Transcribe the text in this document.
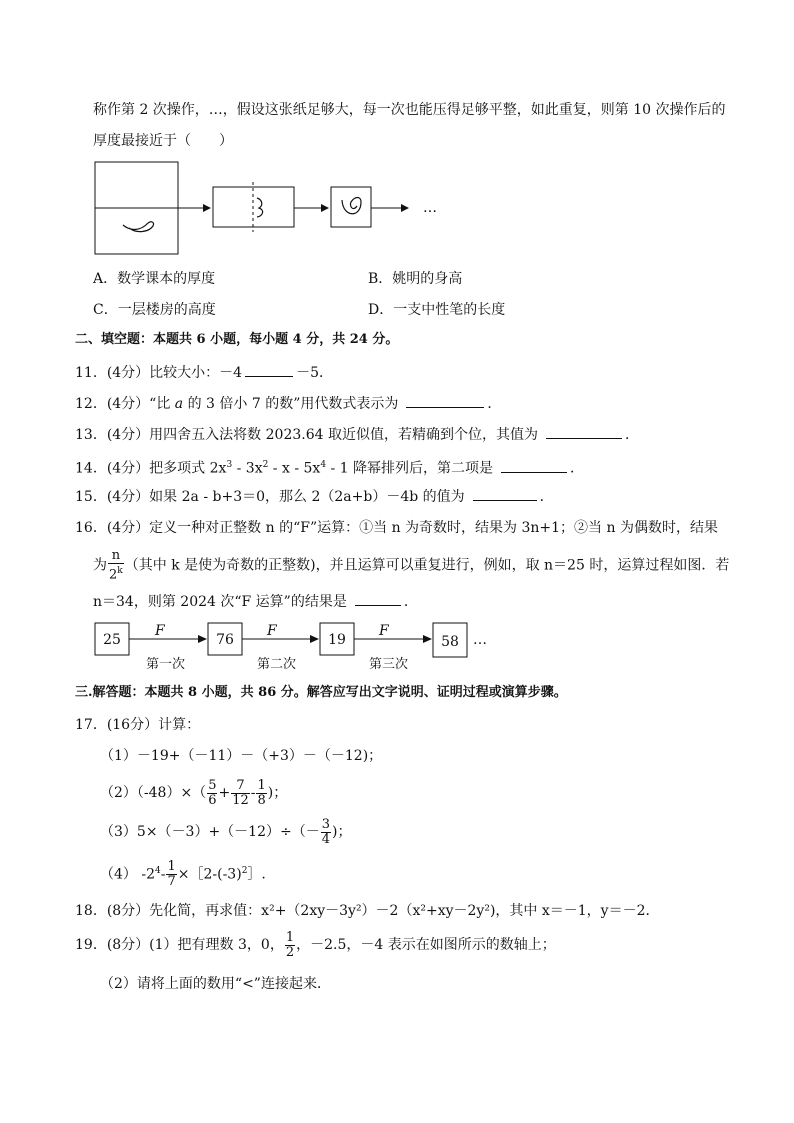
称作第 2 次操作，…，假设这张纸足够大，每一次也能压得足够平整，如此重复，则第 10 次操作后的
厚度最接近于（　　）
…
A．数学课本的厚度	B．姚明的身高
C．一层楼房的高度	D．一支中性笔的长度
二、填空题：本题共 6 小题，每小题 4 分，共 24 分。
11．(4分）比较大小：－4	－5．
12．(4分）“比 a 的 3 倍小 7 的数”用代数式表示为	．
13．(4分）用四舍五入法将数 2023.64 取近似值，若精确到个位，其值为	．
14．(4分）把多项式 $2x^3 - 3x^2$ - x - $5x^4 - 1$ 降幂排列后，第二项是	．
15．(4分）如果 2a - b+3＝0，那么 2（2a+b）－4b 的值为	．
16．(4分）定义一种对正整数 n 的“F”运算：①当 n 为奇数时，结果为 3n+1；②当 n 为偶数时，结果
为 $\frac{n}{2^k}$ （其中 k 是使为奇数的正整数)，并且运算可以重复进行，例如，取 n＝25 时，运算过程如图．若
n＝34，则第 2024 次“F 运算”的结果是	．
25
F
第一次
76
F
第二次
19
F
第三次
58 …
三.解答题：本题共 8 小题，共 86 分。解答应写出文字说明、证明过程或演算步骤。
17．(16分）计算：
（1）－19+（－11）－（+3）－（－12)；
$(2)(-48)\times( \frac{5}{6} + \frac{7}{12} - \frac{1}{8}$ )；
$(3)5\times(-3)+(-12)\div(- \frac{3}{4}$ )；
（4） $-2^4- \frac{1}{7}$ $\times[2-(-3)^2]$.
18．(8分）先化简，再求值：x²+（2xy－3y²）－2（x²+xy－2y²)，其中 x＝－1，y＝－2．
19．(8分）(1）把有理数 3，0， $\frac{1}{2}$ ，－2.5，－4 表示在如图所示的数轴上；
（2）请将上面的数用“<”连接起来．
